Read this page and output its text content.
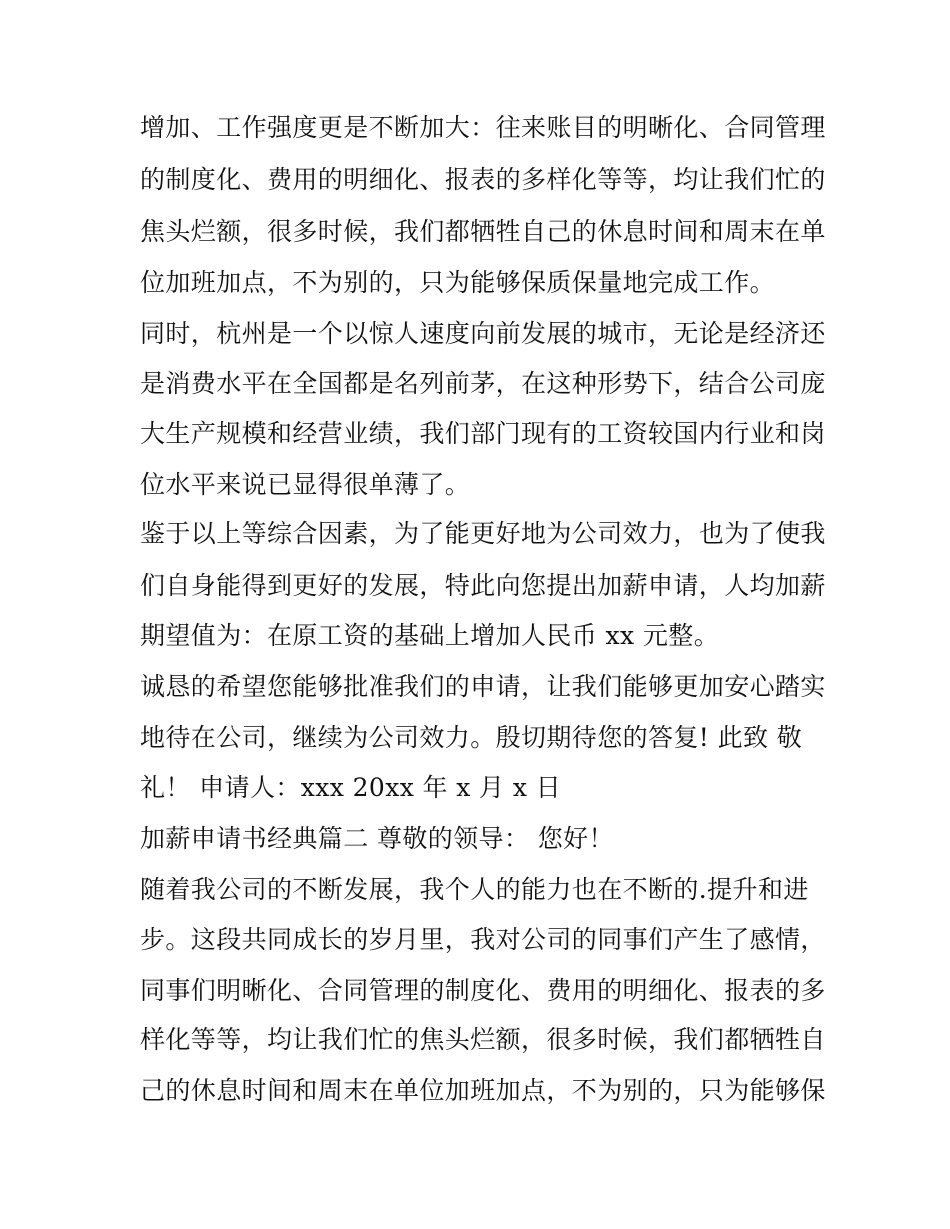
增加、工作强度更是不断加大：往来账目的明晰化、合同管理
的制度化、费用的明细化、报表的多样化等等，均让我们忙的
焦头烂额，很多时候，我们都牺牲自己的休息时间和周末在单
位加班加点，不为别的，只为能够保质保量地完成工作。
同时，杭州是一个以惊人速度向前发展的城市，无论是经济还
是消费水平在全国都是名列前茅，在这种形势下，结合公司庞
大生产规模和经营业绩，我们部门现有的工资较国内行业和岗
位水平来说已显得很单薄了。
鉴于以上等综合因素，为了能更好地为公司效力，也为了使我
们自身能得到更好的发展，特此向您提出加薪申请，人均加薪
期望值为：在原工资的基础上增加人民币 xx 元整。
诚恳的希望您能够批准我们的申请，让我们能够更加安心踏实
地待在公司，继续为公司效力。殷切期待您的答复! 此致 敬
礼！ 申请人：xxx 20xx 年 x 月 x 日
加薪申请书经典篇二 尊敬的领导： 您好！
随着我公司的不断发展，我个人的能力也在不断的.提升和进
步。这段共同成长的岁月里，我对公司的同事们产生了感情，
同事们明晰化、合同管理的制度化、费用的明细化、报表的多
样化等等，均让我们忙的焦头烂额，很多时候，我们都牺牲自
己的休息时间和周末在单位加班加点，不为别的，只为能够保
